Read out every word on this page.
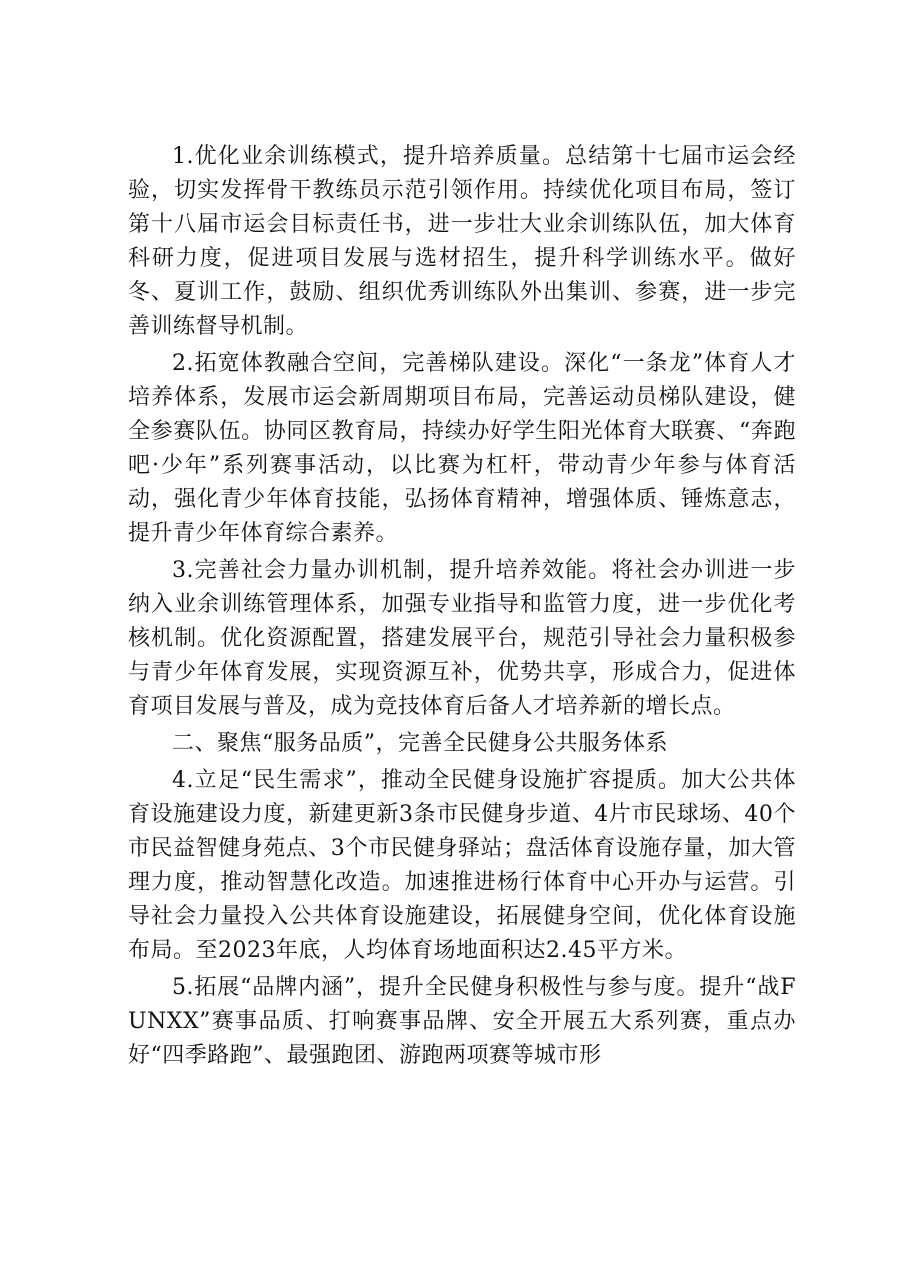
1.优化业余训练模式，提升培养质量。总结第十七届市运会经验，切实发挥骨干教练员示范引领作用。持续优化项目布局，签订第十八届市运会目标责任书，进一步壮大业余训练队伍，加大体育科研力度，促进项目发展与选材招生，提升科学训练水平。做好冬、夏训工作，鼓励、组织优秀训练队外出集训、参赛，进一步完善训练督导机制。

2.拓宽体教融合空间，完善梯队建设。深化“一条龙”体育人才培养体系，发展市运会新周期项目布局，完善运动员梯队建设，健全参赛队伍。协同区教育局，持续办好学生阳光体育大联赛、“奔跑吧·少年”系列赛事活动，以比赛为杠杆，带动青少年参与体育活动，强化青少年体育技能，弘扬体育精神，增强体质、锤炼意志，提升青少年体育综合素养。

3.完善社会力量办训机制，提升培养效能。将社会办训进一步纳入业余训练管理体系，加强专业指导和监管力度，进一步优化考核机制。优化资源配置，搭建发展平台，规范引导社会力量积极参与青少年体育发展，实现资源互补，优势共享，形成合力，促进体育项目发展与普及，成为竞技体育后备人才培养新的增长点。

二、聚焦“服务品质”，完善全民健身公共服务体系

4.立足“民生需求”，推动全民健身设施扩容提质。加大公共体育设施建设力度，新建更新3条市民健身步道、4片市民球场、40个市民益智健身苑点、3个市民健身驿站；盘活体育设施存量，加大管理力度，推动智慧化改造。加速推进杨行体育中心开办与运营。引导社会力量投入公共体育设施建设，拓展健身空间，优化体育设施布局。至2023年底，人均体育场地面积达2.45平方米。

5.拓展“品牌内涵”，提升全民健身积极性与参与度。提升“战FUNXX”赛事品质、打响赛事品牌、安全开展五大系列赛，重点办好“四季路跑”、最强跑团、游跑两项赛等城市形
